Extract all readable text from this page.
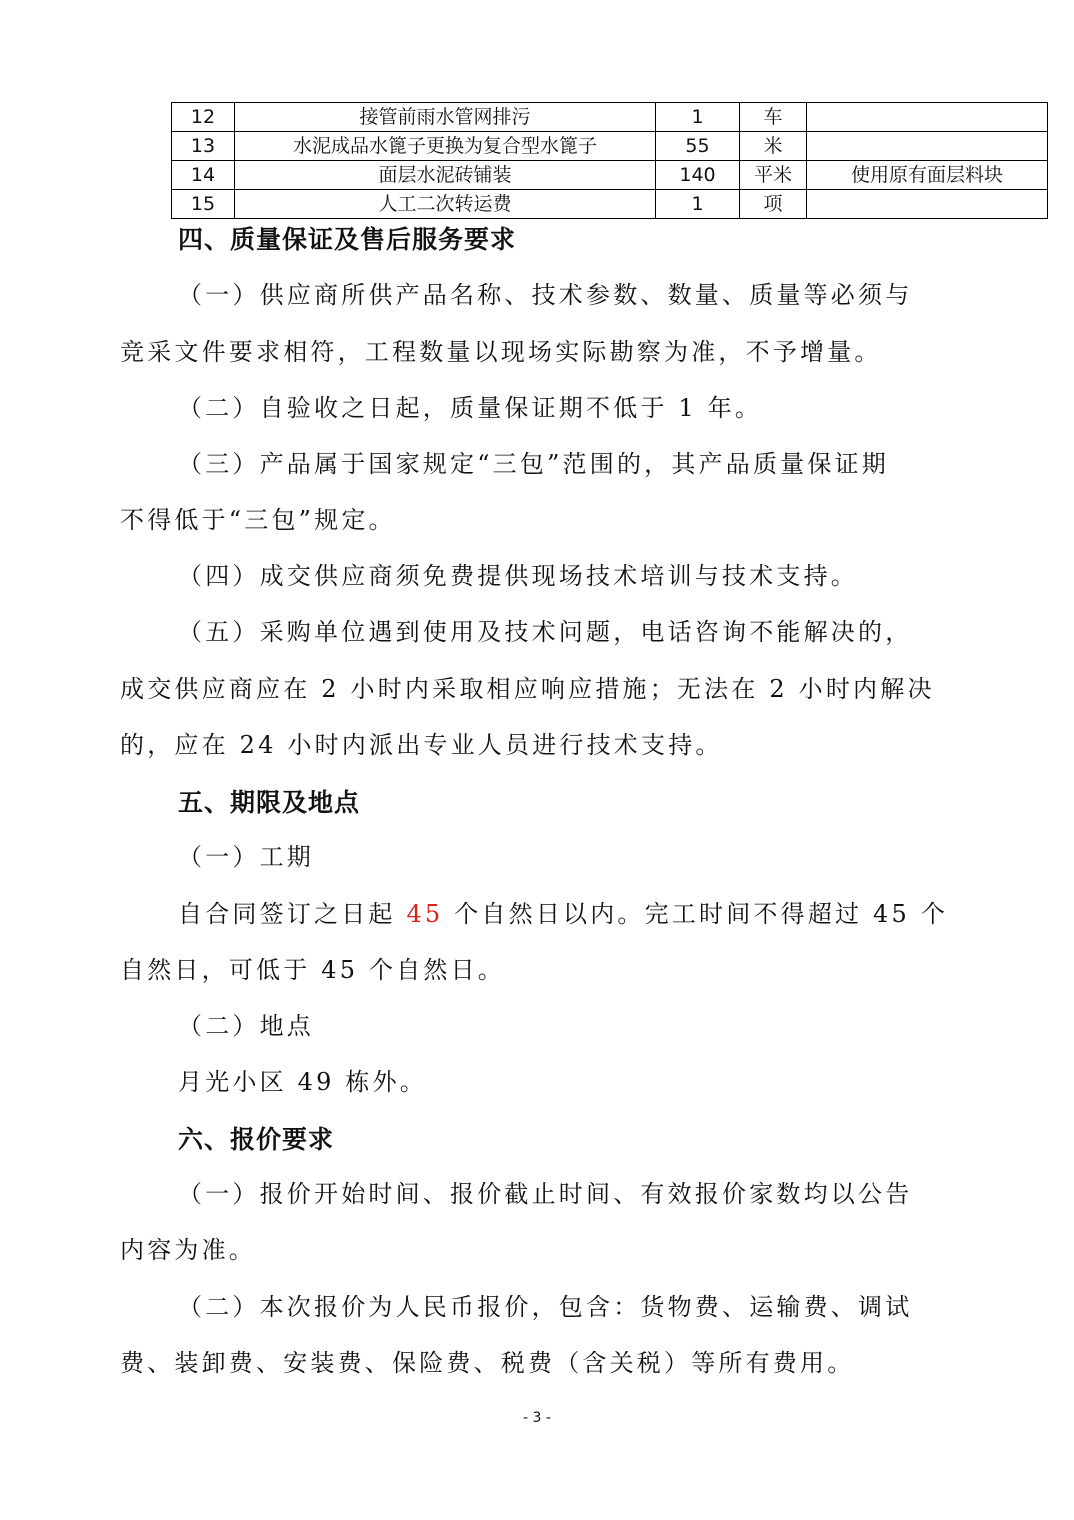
12	接管前雨水管网排污	1	车	
13	水泥成品水篦子更换为复合型水篦子	55	米	
14	面层水泥砖铺装	140	平米	使用原有面层料块
15	人工二次转运费	1	项	
四、质量保证及售后服务要求

（一）供应商所供产品名称、技术参数、数量、质量等必须与

竞采文件要求相符，工程数量以现场实际勘察为准，不予增量。

（二）自验收之日起，质量保证期不低于 1 年。

（三）产品属于国家规定“三包”范围的，其产品质量保证期

不得低于“三包”规定。

（四）成交供应商须免费提供现场技术培训与技术支持。

（五）采购单位遇到使用及技术问题，电话咨询不能解决的，

成交供应商应在 2 小时内采取相应响应措施；无法在 2 小时内解决

的，应在 24 小时内派出专业人员进行技术支持。

五、期限及地点

（一）工期

自合同签订之日起 45 个自然日以内。完工时间不得超过 45 个

自然日，可低于 45 个自然日。

（二）地点

月光小区 49 栋外。

六、报价要求

（一）报价开始时间、报价截止时间、有效报价家数均以公告

内容为准。

（二）本次报价为人民币报价，包含：货物费、运输费、调试

费、装卸费、安装费、保险费、税费（含关税）等所有费用。

- 3 -
